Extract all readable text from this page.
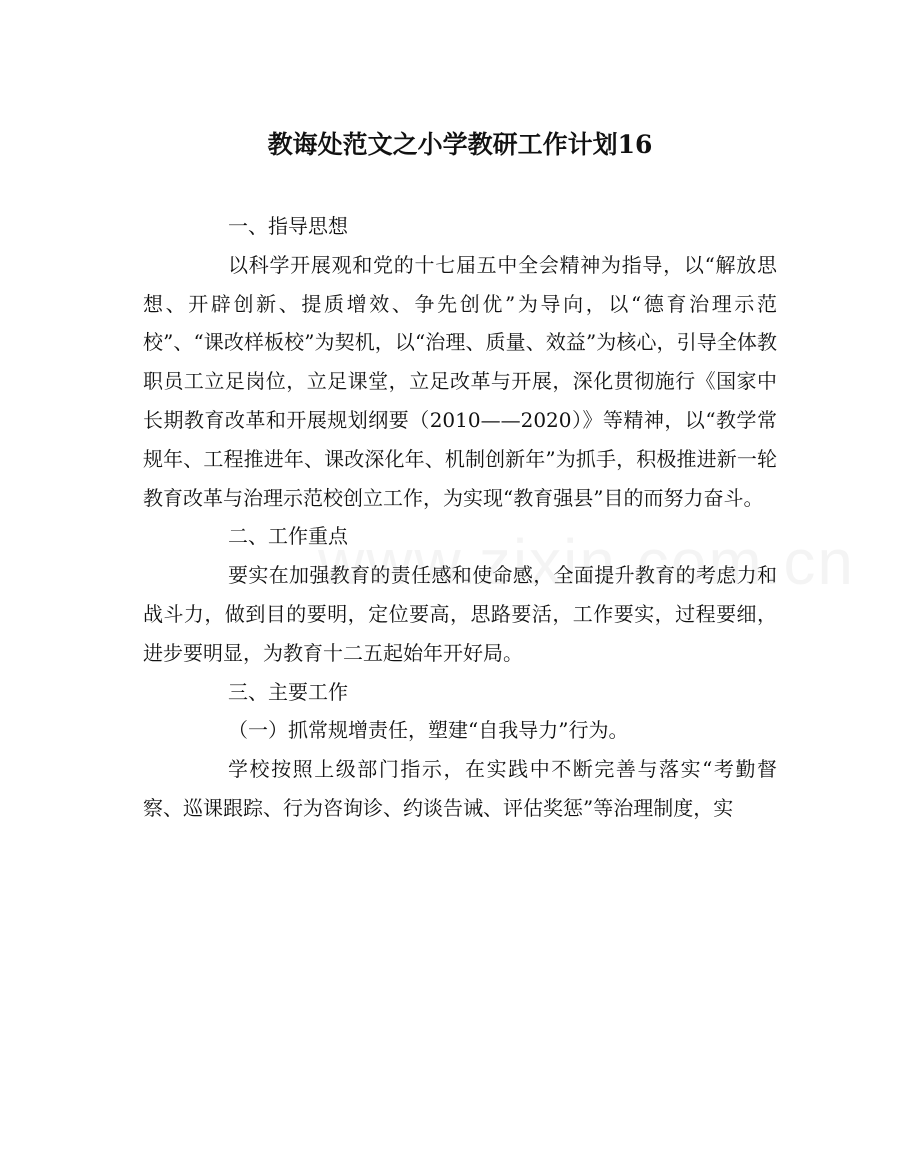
教诲处范文之小学教研工作计划16

一、指导思想

以科学开展观和党的十七届五中全会精神为指导，以“解放思想、开辟创新、提质增效、争先创优”为导向，以“德育治理示范校”、“课改样板校”为契机，以“治理、质量、效益”为核心，引导全体教职员工立足岗位，立足课堂，立足改革与开展，深化贯彻施行《国家中长期教育改革和开展规划纲要（2010——2020）》等精神，以“教学常规年、工程推进年、课改深化年、机制创新年”为抓手，积极推进新一轮教育改革与治理示范校创立工作，为实现“教育强县”目的而努力奋斗。

二、工作重点

要实在加强教育的责任感和使命感，全面提升教育的考虑力和战斗力，做到目的要明，定位要高，思路要活，工作要实，过程要细，进步要明显，为教育十二五起始年开好局。

三、主要工作

（一）抓常规增责任，塑建“自我导力”行为。

学校按照上级部门指示，在实践中不断完善与落实“考勤督察、巡课跟踪、行为咨询诊、约谈告诫、评估奖惩”等治理制度，实
